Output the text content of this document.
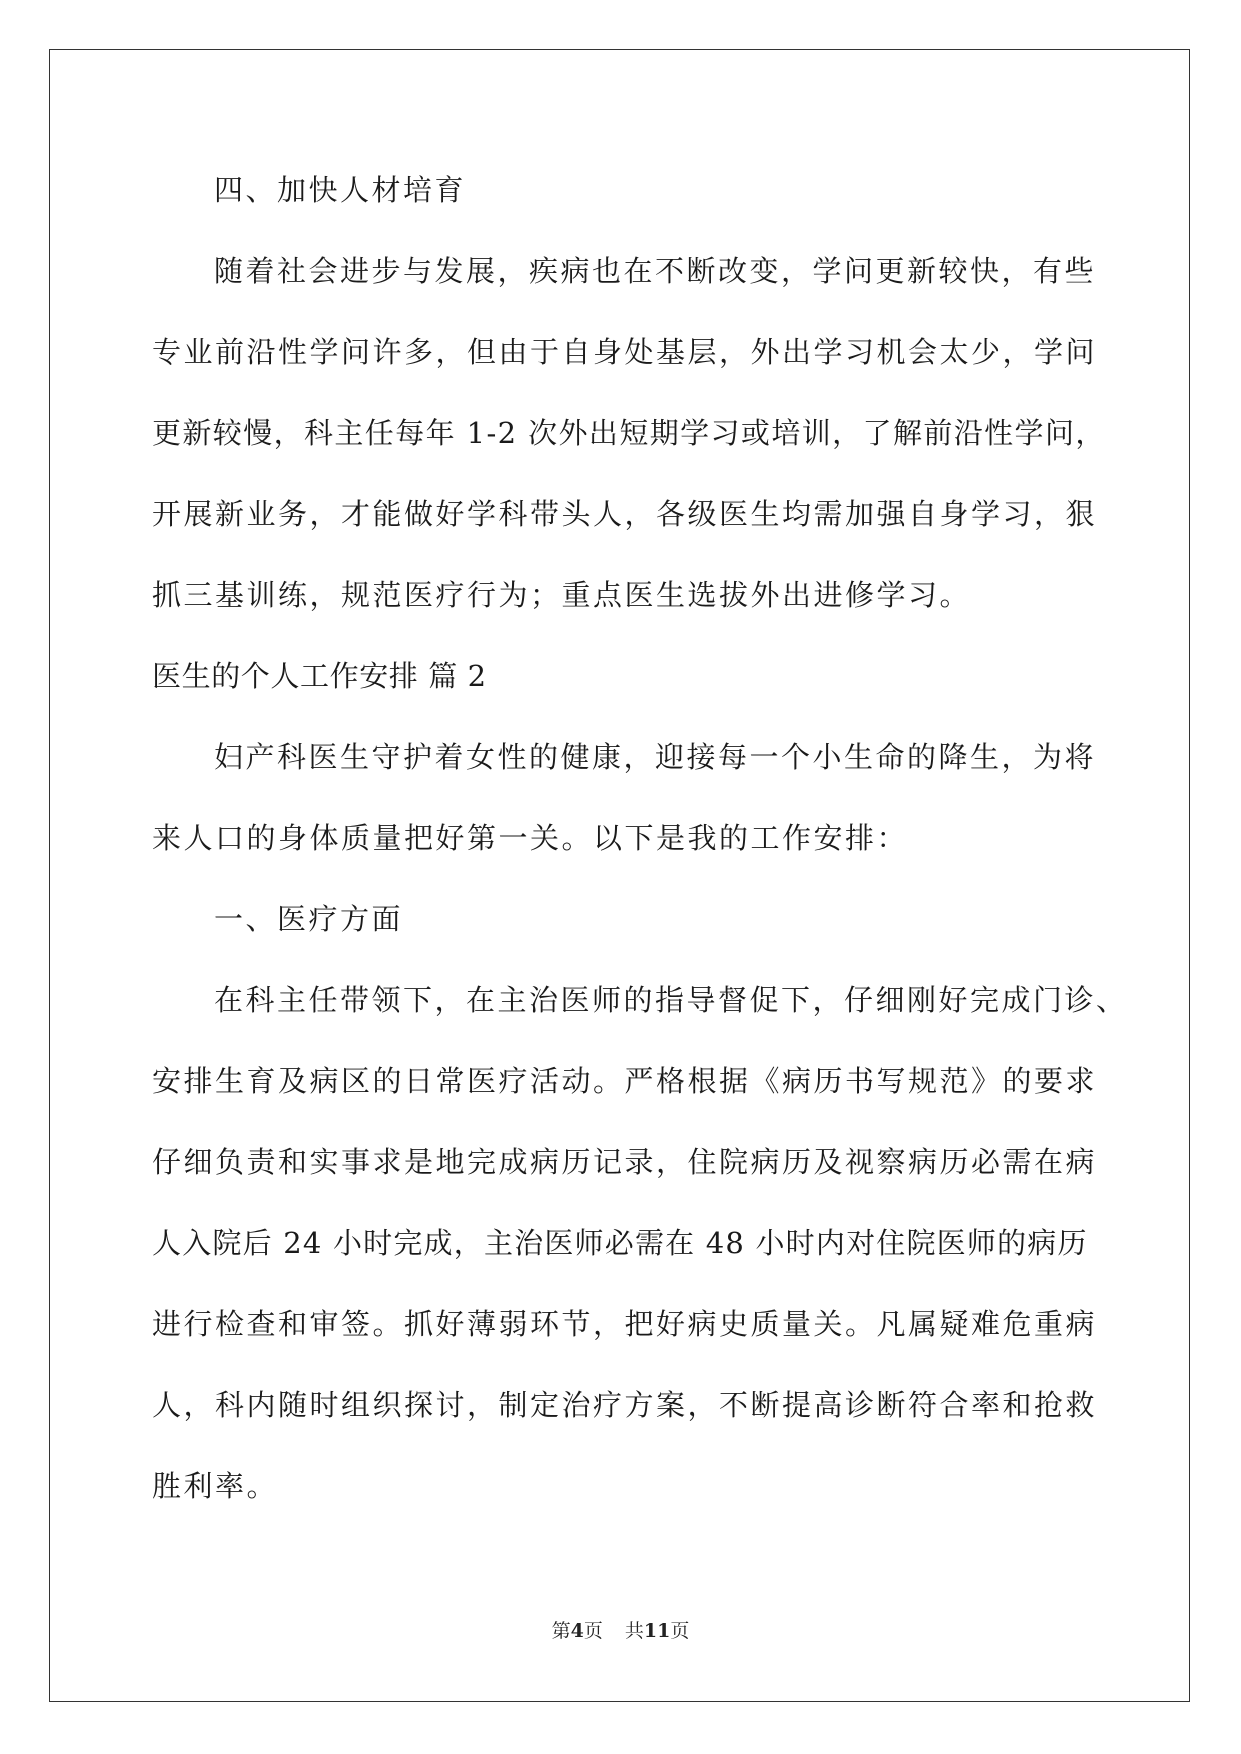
四、加快人材培育
随着社会进步与发展，疾病也在不断改变，学问更新较快，有些
专业前沿性学问许多，但由于自身处基层，外出学习机会太少，学问
更新较慢，科主任每年 1-2 次外出短期学习或培训，了解前沿性学问，
开展新业务，才能做好学科带头人，各级医生均需加强自身学习，狠
抓三基训练，规范医疗行为；重点医生选拔外出进修学习。
医生的个人工作安排 篇 2
妇产科医生守护着女性的健康，迎接每一个小生命的降生，为将
来人口的身体质量把好第一关。以下是我的工作安排：
一、医疗方面
在科主任带领下，在主治医师的指导督促下，仔细刚好完成门诊、
安排生育及病区的日常医疗活动。严格根据《病历书写规范》的要求
仔细负责和实事求是地完成病历记录，住院病历及视察病历必需在病
人入院后 24 小时完成，主治医师必需在 48 小时内对住院医师的病历
进行检查和审签。抓好薄弱环节，把好病史质量关。凡属疑难危重病
人，科内随时组织探讨，制定治疗方案，不断提高诊断符合率和抢救
胜利率。
第4页 共11页
